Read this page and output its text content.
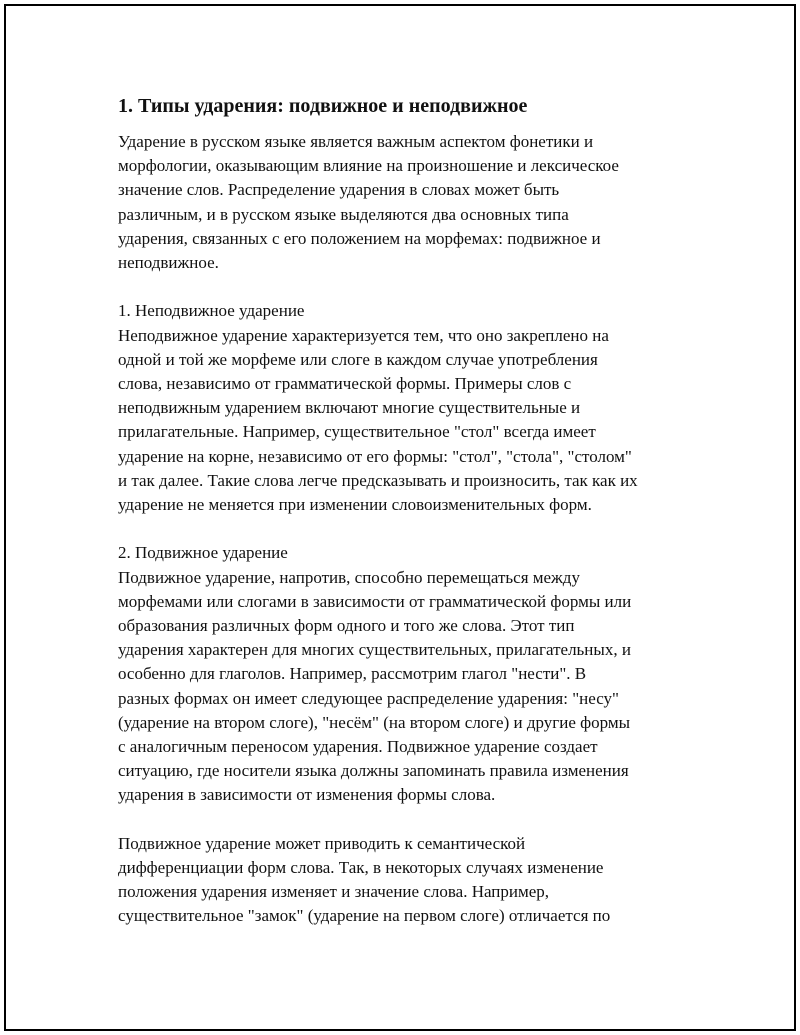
1. Типы ударения: подвижное и неподвижное
Ударение в русском языке является важным аспектом фонетики и
морфологии, оказывающим влияние на произношение и лексическое
значение слов. Распределение ударения в словах может быть
различным, и в русском языке выделяются два основных типа
ударения, связанных с его положением на морфемах: подвижное и
неподвижное.
1. Неподвижное ударение
Неподвижное ударение характеризуется тем, что оно закреплено на
одной и той же морфеме или слоге в каждом случае употребления
слова, независимо от грамматической формы. Примеры слов с
неподвижным ударением включают многие существительные и
прилагательные. Например, существительное "стол" всегда имеет
ударение на корне, независимо от его формы: "стол", "стола", "столом"
и так далее. Такие слова легче предсказывать и произносить, так как их
ударение не меняется при изменении словоизменительных форм.
2. Подвижное ударение
Подвижное ударение, напротив, способно перемещаться между
морфемами или слогами в зависимости от грамматической формы или
образования различных форм одного и того же слова. Этот тип
ударения характерен для многих существительных, прилагательных, и
особенно для глаголов. Например, рассмотрим глагол "нести". В
разных формах он имеет следующее распределение ударения: "несу"
(ударение на втором слоге), "несём" (на втором слоге) и другие формы
с аналогичным переносом ударения. Подвижное ударение создает
ситуацию, где носители языка должны запоминать правила изменения
ударения в зависимости от изменения формы слова.
Подвижное ударение может приводить к семантической
дифференциации форм слова. Так, в некоторых случаях изменение
положения ударения изменяет и значение слова. Например,
существительное "замок" (ударение на первом слоге) отличается по
